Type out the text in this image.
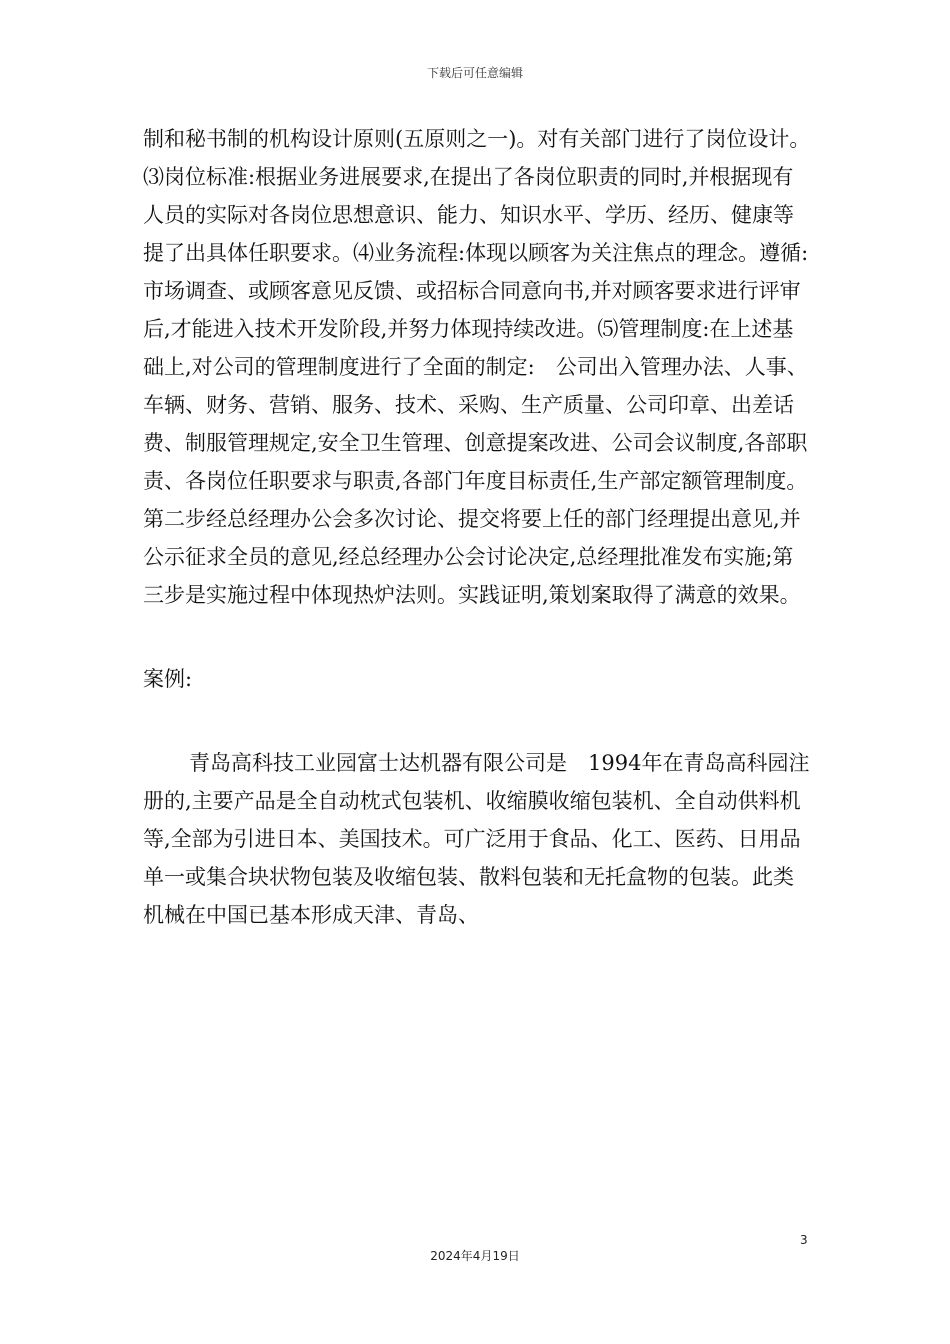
下载后可任意编辑

制和秘书制的机构设计原则(五原则之一)。对有关部门进行了岗位设计。⑶岗位标准:根据业务进展要求,在提出了各岗位职责的同时,并根据现有人员的实际对各岗位思想意识、能力、知识水平、学历、经历、健康等提了出具体任职要求。⑷业务流程:体现以顾客为关注焦点的理念。遵循:市场调查、或顾客意见反馈、或招标合同意向书,并对顾客要求进行评审后,才能进入技术开发阶段,并努力体现持续改进。⑸管理制度:在上述基础上,对公司的管理制度进行了全面的制定:　公司出入管理办法、人事、车辆、财务、营销、服务、技术、采购、生产质量、公司印章、出差话费、制服管理规定,安全卫生管理、创意提案改进、公司会议制度,各部职责、各岗位任职要求与职责,各部门年度目标责任,生产部定额管理制度。第二步经总经理办公会多次讨论、提交将要上任的部门经理提出意见,并公示征求全员的意见,经总经理办公会讨论决定,总经理批准发布实施;第三步是实施过程中体现热炉法则。实践证明,策划案取得了满意的效果。

案例:

青岛高科技工业园富士达机器有限公司是　1994年在青岛高科园注册的,主要产品是全自动枕式包装机、收缩膜收缩包装机、全自动供料机等,全部为引进日本、美国技术。可广泛用于食品、化工、医药、日用品单一或集合块状物包装及收缩包装、散料包装和无托盒物的包装。此类机械在中国已基本形成天津、青岛、

3
2024年4月19日
